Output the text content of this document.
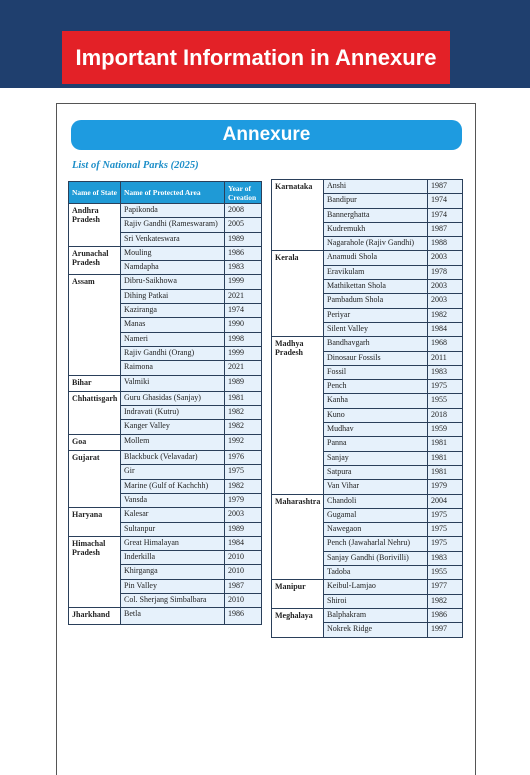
Important Information in Annexure
Annexure
List of National Parks (2025)
Name of State	Name of Protected Area	Year of Creation
Andhra Pradesh	Papikonda	2008
	Rajiv Gandhi (Rameswaram)	2005
	Sri Venkateswara	1989
Arunachal Pradesh	Mouling	1986
	Namdapha	1983
Assam	Dibru-Saikhowa	1999
	Dihing Patkai	2021
	Kaziranga	1974
	Manas	1990
	Nameri	1998
	Rajiv Gandhi (Orang)	1999
	Raimona	2021
Bihar	Valmiki	1989
Chhattisgarh	Guru Ghasidas (Sanjay)	1981
	Indravati (Kutru)	1982
	Kanger Valley	1982
Goa	Mollem	1992
Gujarat	Blackbuck (Velavadar)	1976
	Gir	1975
	Marine (Gulf of Kachchh)	1982
	Vansda	1979
Haryana	Kalesar	2003
	Sultanpur	1989
Himachal Pradesh	Great Himalayan	1984
	Inderkilla	2010
	Khirganga	2010
	Pin Valley	1987
	Col. Sherjang Simbalbara	2010
Jharkhand	Betla	1986
Karnataka	Anshi	1987
	Bandipur	1974
	Bannerghatta	1974
	Kudremukh	1987
	Nagarahole (Rajiv Gandhi)	1988
Kerala	Anamudi Shola	2003
	Eravikulam	1978
	Mathikettan Shola	2003
	Pambadum Shola	2003
	Periyar	1982
	Silent Valley	1984
Madhya Pradesh	Bandhavgarh	1968
	Dinosaur Fossils	2011
	Fossil	1983
	Pench	1975
	Kanha	1955
	Kuno	2018
	Mudhav	1959
	Panna	1981
	Sanjay	1981
	Satpura	1981
	Van Vihar	1979
Maharashtra	Chandoli	2004
	Gugamal	1975
	Nawegaon	1975
	Pench (Jawaharlal Nehru)	1975
	Sanjay Gandhi (Borivilli)	1983
	Tadoba	1955
Manipur	Keibul-Lamjao	1977
	Shiroi	1982
Meghalaya	Balphakram	1986
	Nokrek Ridge	1997
